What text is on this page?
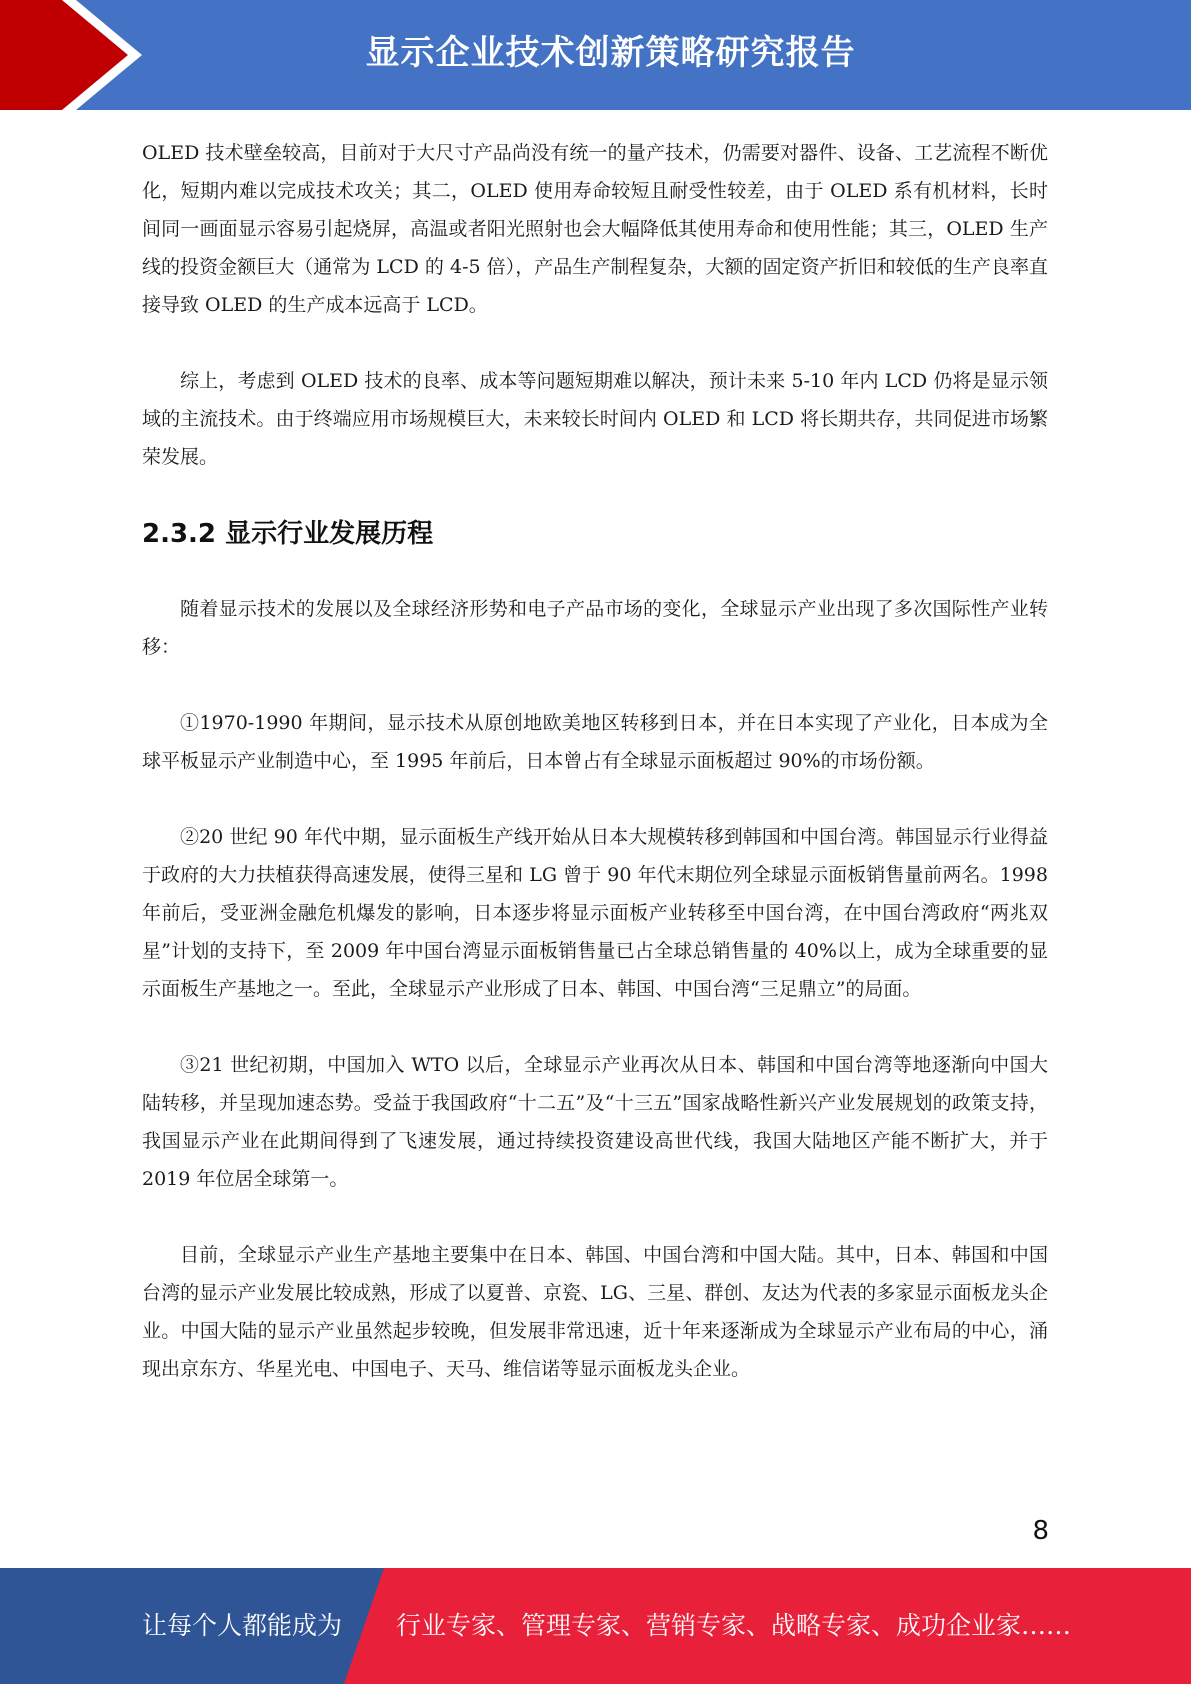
显示企业技术创新策略研究报告

OLED 技术壁垒较高，目前对于大尺寸产品尚没有统一的量产技术，仍需要对器件、设备、工艺流程不断优化，短期内难以完成技术攻关；其二，OLED 使用寿命较短且耐受性较差，由于 OLED 系有机材料，长时间同一画面显示容易引起烧屏，高温或者阳光照射也会大幅降低其使用寿命和使用性能；其三，OLED 生产线的投资金额巨大（通常为 LCD 的 4-5 倍），产品生产制程复杂，大额的固定资产折旧和较低的生产良率直接导致 OLED 的生产成本远高于 LCD。

综上，考虑到 OLED 技术的良率、成本等问题短期难以解决，预计未来 5-10 年内 LCD 仍将是显示领域的主流技术。由于终端应用市场规模巨大，未来较长时间内 OLED 和 LCD 将长期共存，共同促进市场繁荣发展。

2.3.2 显示行业发展历程

随着显示技术的发展以及全球经济形势和电子产品市场的变化，全球显示产业出现了多次国际性产业转移：

①1970-1990 年期间，显示技术从原创地欧美地区转移到日本，并在日本实现了产业化，日本成为全球平板显示产业制造中心，至 1995 年前后，日本曾占有全球显示面板超过 90%的市场份额。

②20 世纪 90 年代中期，显示面板生产线开始从日本大规模转移到韩国和中国台湾。韩国显示行业得益于政府的大力扶植获得高速发展，使得三星和 LG 曾于 90 年代末期位列全球显示面板销售量前两名。1998 年前后，受亚洲金融危机爆发的影响，日本逐步将显示面板产业转移至中国台湾，在中国台湾政府“两兆双星”计划的支持下，至 2009 年中国台湾显示面板销售量已占全球总销售量的 40%以上，成为全球重要的显示面板生产基地之一。至此，全球显示产业形成了日本、韩国、中国台湾“三足鼎立”的局面。

③21 世纪初期，中国加入 WTO 以后，全球显示产业再次从日本、韩国和中国台湾等地逐渐向中国大陆转移，并呈现加速态势。受益于我国政府“十二五”及“十三五”国家战略性新兴产业发展规划的政策支持，我国显示产业在此期间得到了飞速发展，通过持续投资建设高世代线，我国大陆地区产能不断扩大，并于 2019 年位居全球第一。

目前，全球显示产业生产基地主要集中在日本、韩国、中国台湾和中国大陆。其中，日本、韩国和中国台湾的显示产业发展比较成熟，形成了以夏普、京瓷、LG、三星、群创、友达为代表的多家显示面板龙头企业。中国大陆的显示产业虽然起步较晚，但发展非常迅速，近十年来逐渐成为全球显示产业布局的中心，涌现出京东方、华星光电、中国电子、天马、维信诺等显示面板龙头企业。

8
让每个人都能成为 行业专家、管理专家、营销专家、战略专家、成功企业家……
